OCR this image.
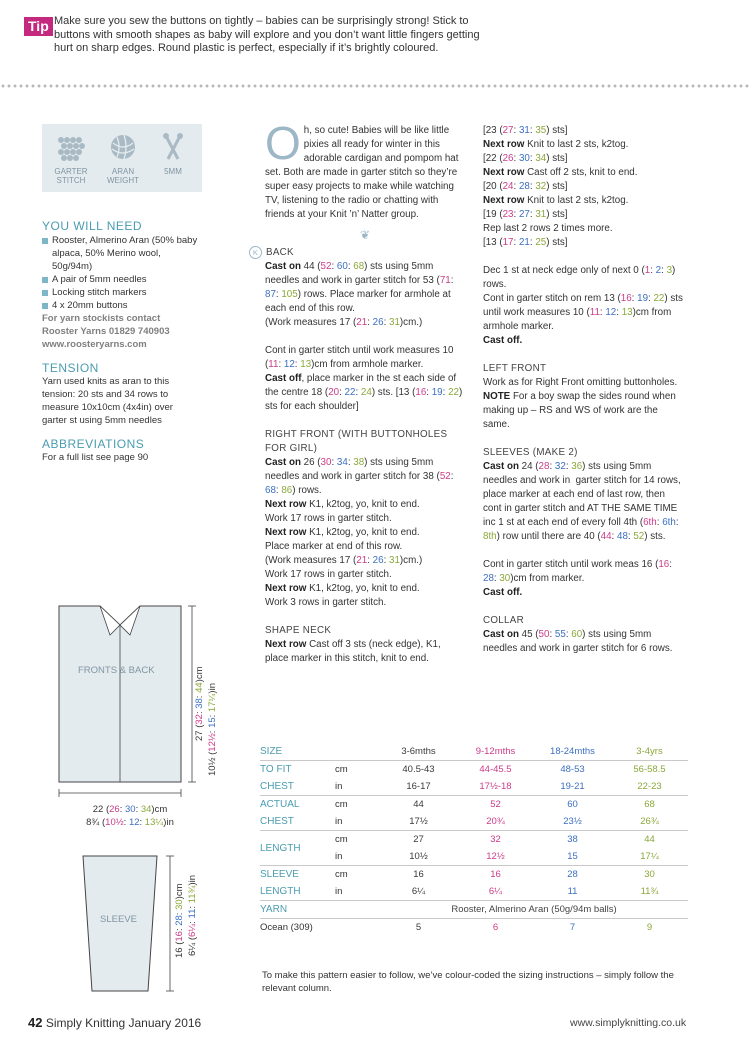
Tip Make sure you sew the buttons on tightly – babies can be surprisingly strong! Stick to buttons with smooth shapes as baby will explore and you don’t want little fingers getting hurt on sharp edges. Round plastic is perfect, especially if it’s brightly coloured.
GARTER STITCH
ARAN WEIGHT
5MM
YOU WILL NEED
Rooster, Almerino Aran (50% baby alpaca, 50% Merino wool, 50g/94m)
A pair of 5mm needles
Locking stitch markers
4 x 20mm buttons
For yarn stockists contact
Rooster Yarns 01829 740903
www.roosteryarns.com
TENSION
Yarn used knits as aran to this tension: 20 sts and 34 rows to measure 10x10cm (4x4in) over garter st using 5mm needles
ABBREVIATIONS
For a full list see page 90
FRONTS & BACK
27 (32: 38: 44)cm
10½ (12½: 15: 17¼)in
22 (26: 30: 34)cm
8¾ (10½: 12: 13¼)in
SLEEVE
16 (16: 28: 30)cm
6¼ (6¼: 11: 11¾)in
Oh, so cute! Babies will be like little pixies all ready for winter in this adorable cardigan and pompom hat set. Both are made in garter stitch so they’re super easy projects to make while watching TV, listening to the radio or chatting with friends at your Knit ’n’ Natter group.
❦

K BACK

Cast on 44 (52: 60: 68) sts using 5mm needles and work in garter stitch for 53 (71: 87: 105) rows. Place marker for armhole at each end of this row.

(Work measures 17 (21: 26: 31)cm.)

Cont in garter stitch until work measures 10 (11: 12: 13)cm from armhole marker.

Cast off, place marker in the st each side of the centre 18 (20: 22: 24) sts. [13 (16: 19: 22) sts for each shoulder]

RIGHT FRONT (WITH BUTTONHOLES FOR GIRL)

Cast on 26 (30: 34: 38) sts using 5mm needles and work in garter stitch for 38 (52: 68: 86) rows.

Next row K1, k2tog, yo, knit to end.

Work 17 rows in garter stitch.

Next row K1, k2tog, yo, knit to end.

Place marker at end of this row.

(Work measures 17 (21: 26: 31)cm.)

Work 17 rows in garter stitch.

Next row K1, k2tog, yo, knit to end.

Work 3 rows in garter stitch.

SHAPE NECK

Next row Cast off 3 sts (neck edge), K1, place marker in this stitch, knit to end.

[23 (27: 31: 35) sts]

Next row Knit to last 2 sts, k2tog.

[22 (26: 30: 34) sts]

Next row Cast off 2 sts, knit to end.

[20 (24: 28: 32) sts]

Next row Knit to last 2 sts, k2tog.

[19 (23: 27: 31) sts]

Rep last 2 rows 2 times more.

[13 (17: 21: 25) sts]

Dec 1 st at neck edge only of next 0 (1: 2: 3) rows.

Cont in garter stitch on rem 13 (16: 19: 22) sts until work measures 10 (11: 12: 13)cm from armhole marker.

Cast off.

LEFT FRONT

Work as for Right Front omitting buttonholes.

NOTE For a boy swap the sides round when making up – RS and WS of work are the same.

SLEEVES (MAKE 2)

Cast on 24 (28: 32: 36) sts using 5mm needles and work in  garter stitch for 14 rows, place marker at each end of last row, then cont in garter stitch and AT THE SAME TIME inc 1 st at each end of every foll 4th (6th: 6th: 8th) row until there are 40 (44: 48: 52) sts.

Cont in garter stitch until work meas 16 (16: 28: 30)cm from marker.

Cast off.

COLLAR

Cast on 45 (50: 55: 60) sts using 5mm needles and work in garter stitch for 6 rows.

SIZE		3-6mths	9-12mths	18-24mths	3-4yrs
TO FIT	cm	40.5-43	44-45.5	48-53	56-58.5
CHEST	in	16-17	17½-18	19-21	22-23
ACTUAL	cm	44	52	60	68
CHEST	in	17½	20¾	23½	26¾
LENGTH	cm	27	32	38	44
	in	10½	12½	15	17¼
SLEEVE	cm	16	16	28	30
LENGTH	in	6¼	6¼	11	11¾
YARN		Rooster, Almerino Aran (50g/94m balls)			
Ocean (309)		5	6	7	9
To make this pattern easier to follow, we’ve colour-coded the sizing instructions – simply follow the relevant column.
42 Simply Knitting January 2016	www.simplyknitting.co.uk
